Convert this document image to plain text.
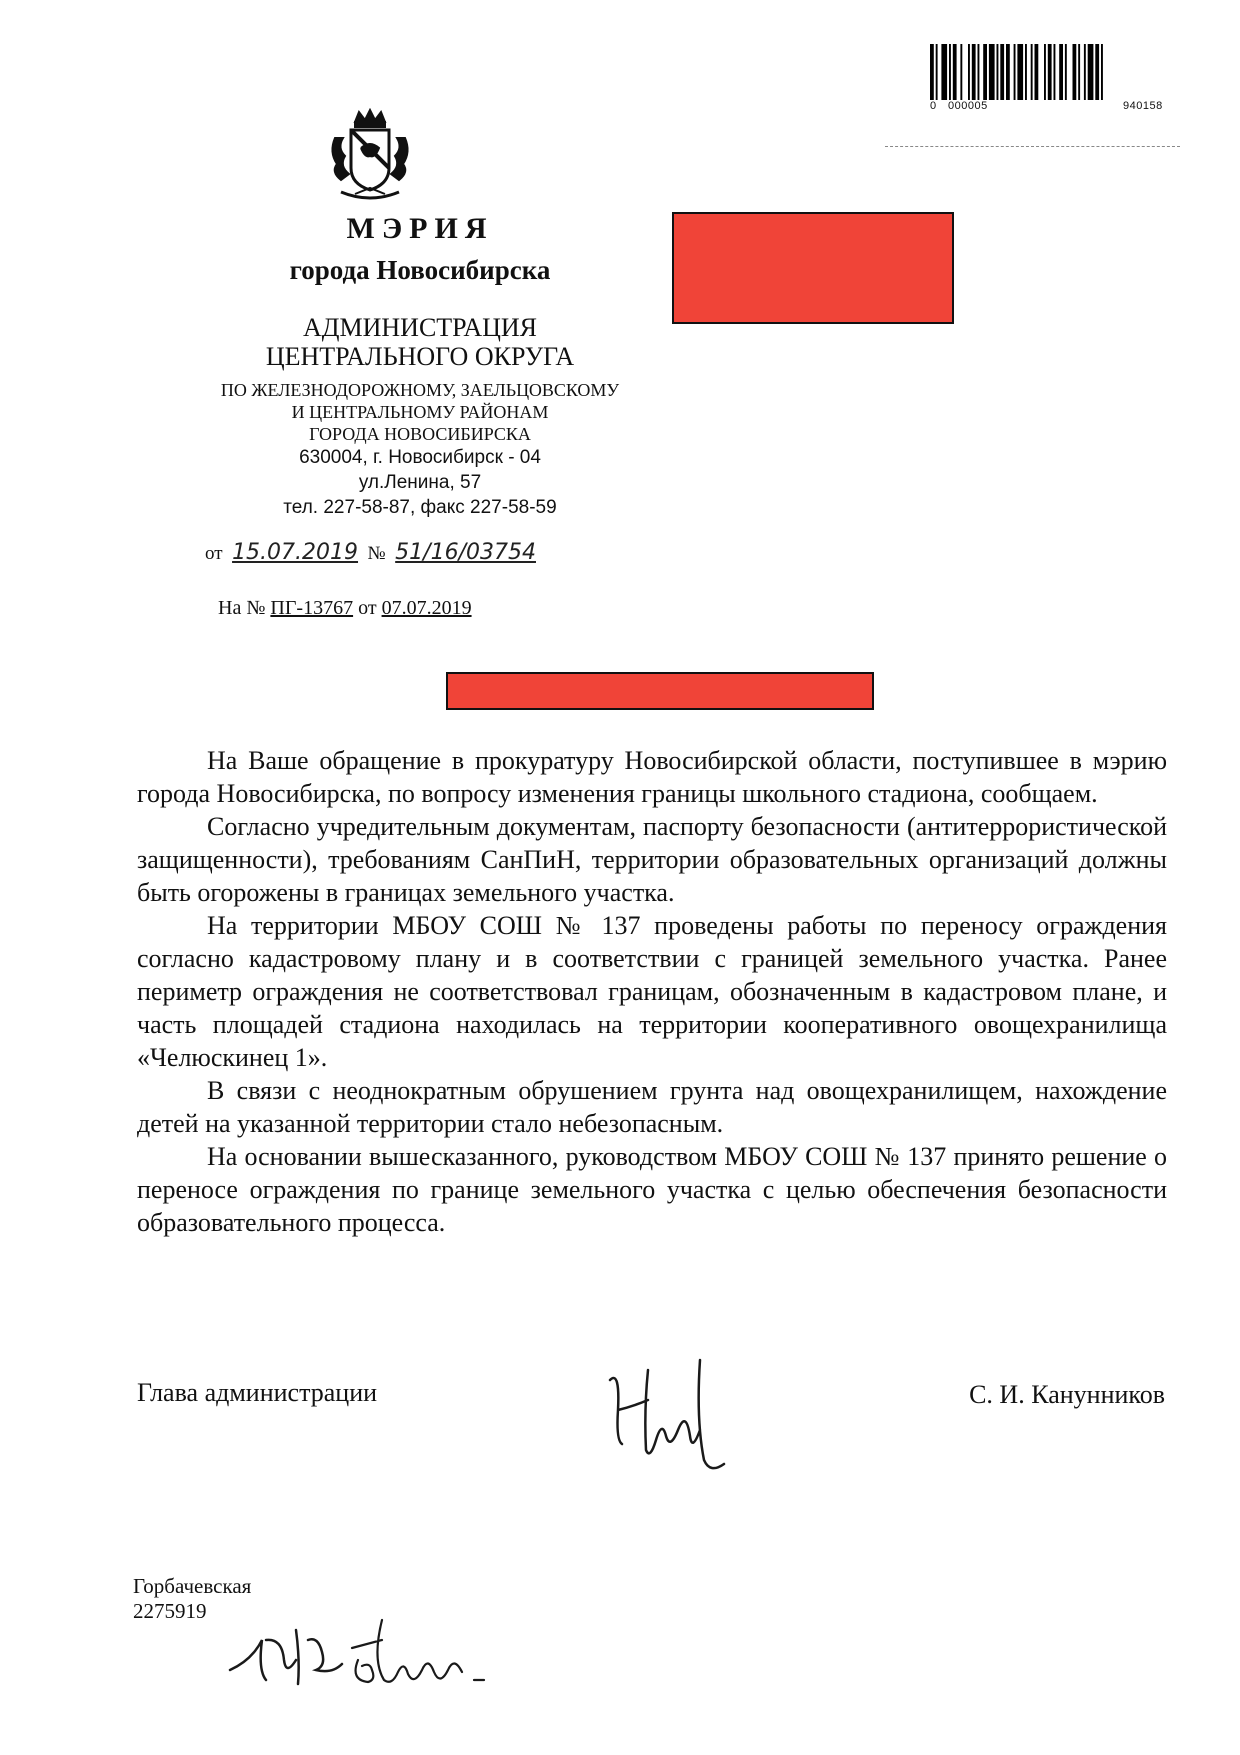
0 000005	940158
МЭРИЯ
города Новосибирска
АДМИНИСТРАЦИЯ
ЦЕНТРАЛЬНОГО ОКРУГА
ПО ЖЕЛЕЗНОДОРОЖНОМУ, ЗАЕЛЬЦОВСКОМУ
И ЦЕНТРАЛЬНОМУ РАЙОНАМ
ГОРОДА НОВОСИБИРСКА
630004, г. Новосибирск - 04
ул.Ленина, 57
тел. 227-58-87, факс 227-58-59
от 15.07.2019 № 51/16/03754
На № ПГ-13767 от 07.07.2019

На Ваше обращение в прокуратуру Новосибирской области, поступившее в мэрию города Новосибирска, по вопросу изменения границы школьного стадиона, сообщаем.

Согласно учредительным документам, паспорту безопасности (антитеррористической защищенности), требованиям СанПиН, территории образовательных организаций должны быть огорожены в границах земельного участка.

На территории МБОУ СОШ № 137 проведены работы по переносу ограждения согласно кадастровому плану и в соответствии с границей земельного участка. Ранее периметр ограждения не соответствовал границам, обозначенным в кадастровом плане, и часть площадей стадиона находилась на территории кооперативного овощехранилища «Челюскинец 1».

В связи с неоднократным обрушением грунта над овощехранилищем, нахождение детей на указанной территории стало небезопасным.

На основании вышесказанного, руководством МБОУ СОШ № 137 принято решение о переносе ограждения по границе земельного участка с целью обеспечения безопасности образовательного процесса.

Глава администрации	С. И. Канунников
Горбачевская
2275919
